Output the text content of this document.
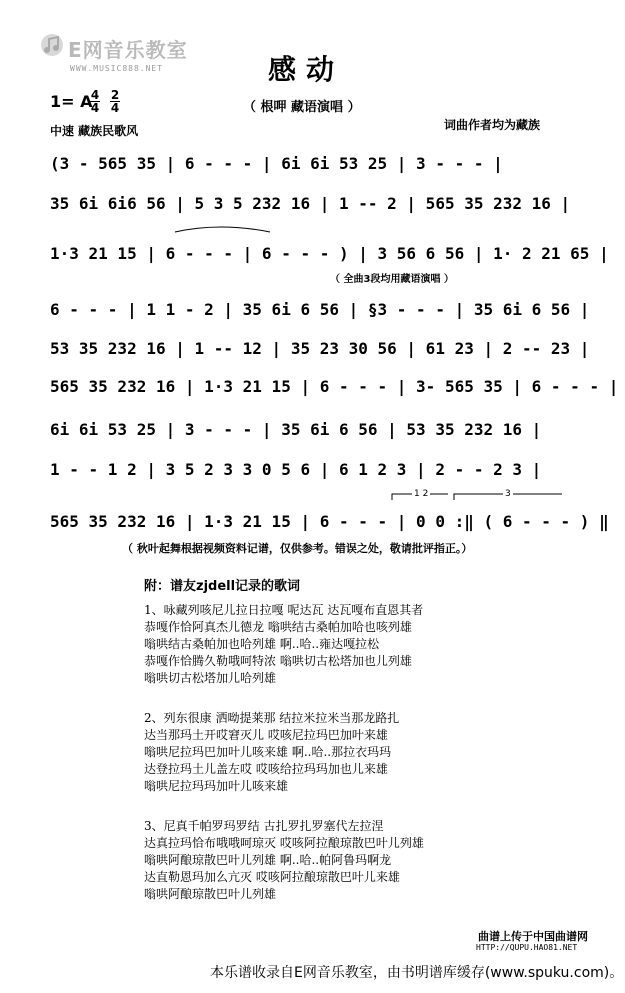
E网音乐教室
WWW.MUSIC888.NET	感动
（ 根呷 藏语演唱 ）
1= A
$\frac{4}{4} \frac{2}{4}$
中速 藏族民歌风	词曲作者均为藏族
(3 - 565 35 | 6 - - - | 6i 6i 53 25 | 3 - - - |
35 6i 6i6 56 | 5 3 5 232 16 | 1 -- 2 | 565 35 232 16 |
1·3 21 15 | 6 - - - | 6 - - - ) | 3 56 6 56 | 1· 2 21 65 |
（ 全曲3段均用藏语演唱 ）
6 - - - | 1 1 - 2 | 35 6i 6 56 | §3 - - - | 35 6i 6 56 |
53 35 232 16 | 1 -- 12 | 35 23 30 56 | 61 23 | 2 -- 23 |
565 35 232 16 | 1·3 21 15 | 6 - - - | 3- 565 35 | 6 - - - |
6i 6i 53 25 | 3 - - - | 35 6i 6 56 | 53 35 232 16 |
1 - - 1 2 | 3 5 2 3 3 0 5 6 | 6 1 2 3 | 2 - - 2 3 |
1 2	3
565 35 232 16 | 1·3 21 15 | 6 - - - | 0 0 :‖ ( 6 - - - ) ‖
（ 秋叶起舞根据视频资料记谱，仅供参考。错误之处，敬请批评指正。）
附：谱友zjdell记录的歌词
1、咏藏列咳尼儿拉日拉嘎 呢达瓦 达瓦嘎布直恩其者
恭嘎作恰阿真杰儿德龙 嗡哄结古桑帕加哈也咳列雄
嗡哄结古桑帕加也哈列雄 啊..哈..雍达嘎拉松
恭嘎作恰腾久勒哦呵特浓 嗡哄切古松塔加也儿列雄
嗡哄切古松塔加儿哈列雄
2、列东很康 洒呦提莱那 结拉米拉米当那龙路扎
达当那玛土开哎窘灭儿 哎咳尼拉玛巴加叶来雄
嗡哄尼拉玛巴加叶儿咳来雄 啊..哈..那拉衣玛玛
达登拉玛土儿盖左哎 哎咳给拉玛玛加也儿来雄
嗡哄尼拉玛玛加叶儿咳来雄
3、尼真千帕罗玛罗结 古扎罗扎罗塞代左拉涅
达真拉玛恰布哦哦呵琼灭 哎咳阿拉酿琼散巴叶儿列雄
嗡哄阿酿琼散巴叶儿列雄 啊..哈..帕阿鲁玛啊龙
达直勒恩玛加么亢灭 哎咳阿拉酿琼散巴叶儿来雄
嗡哄阿酿琼散巴叶儿列雄
曲谱上传于中国曲谱网
HTTP://QUPU.HAO81.NET
本乐谱收录自E网音乐教室，由书明谱库缓存(www.spuku.com)。
